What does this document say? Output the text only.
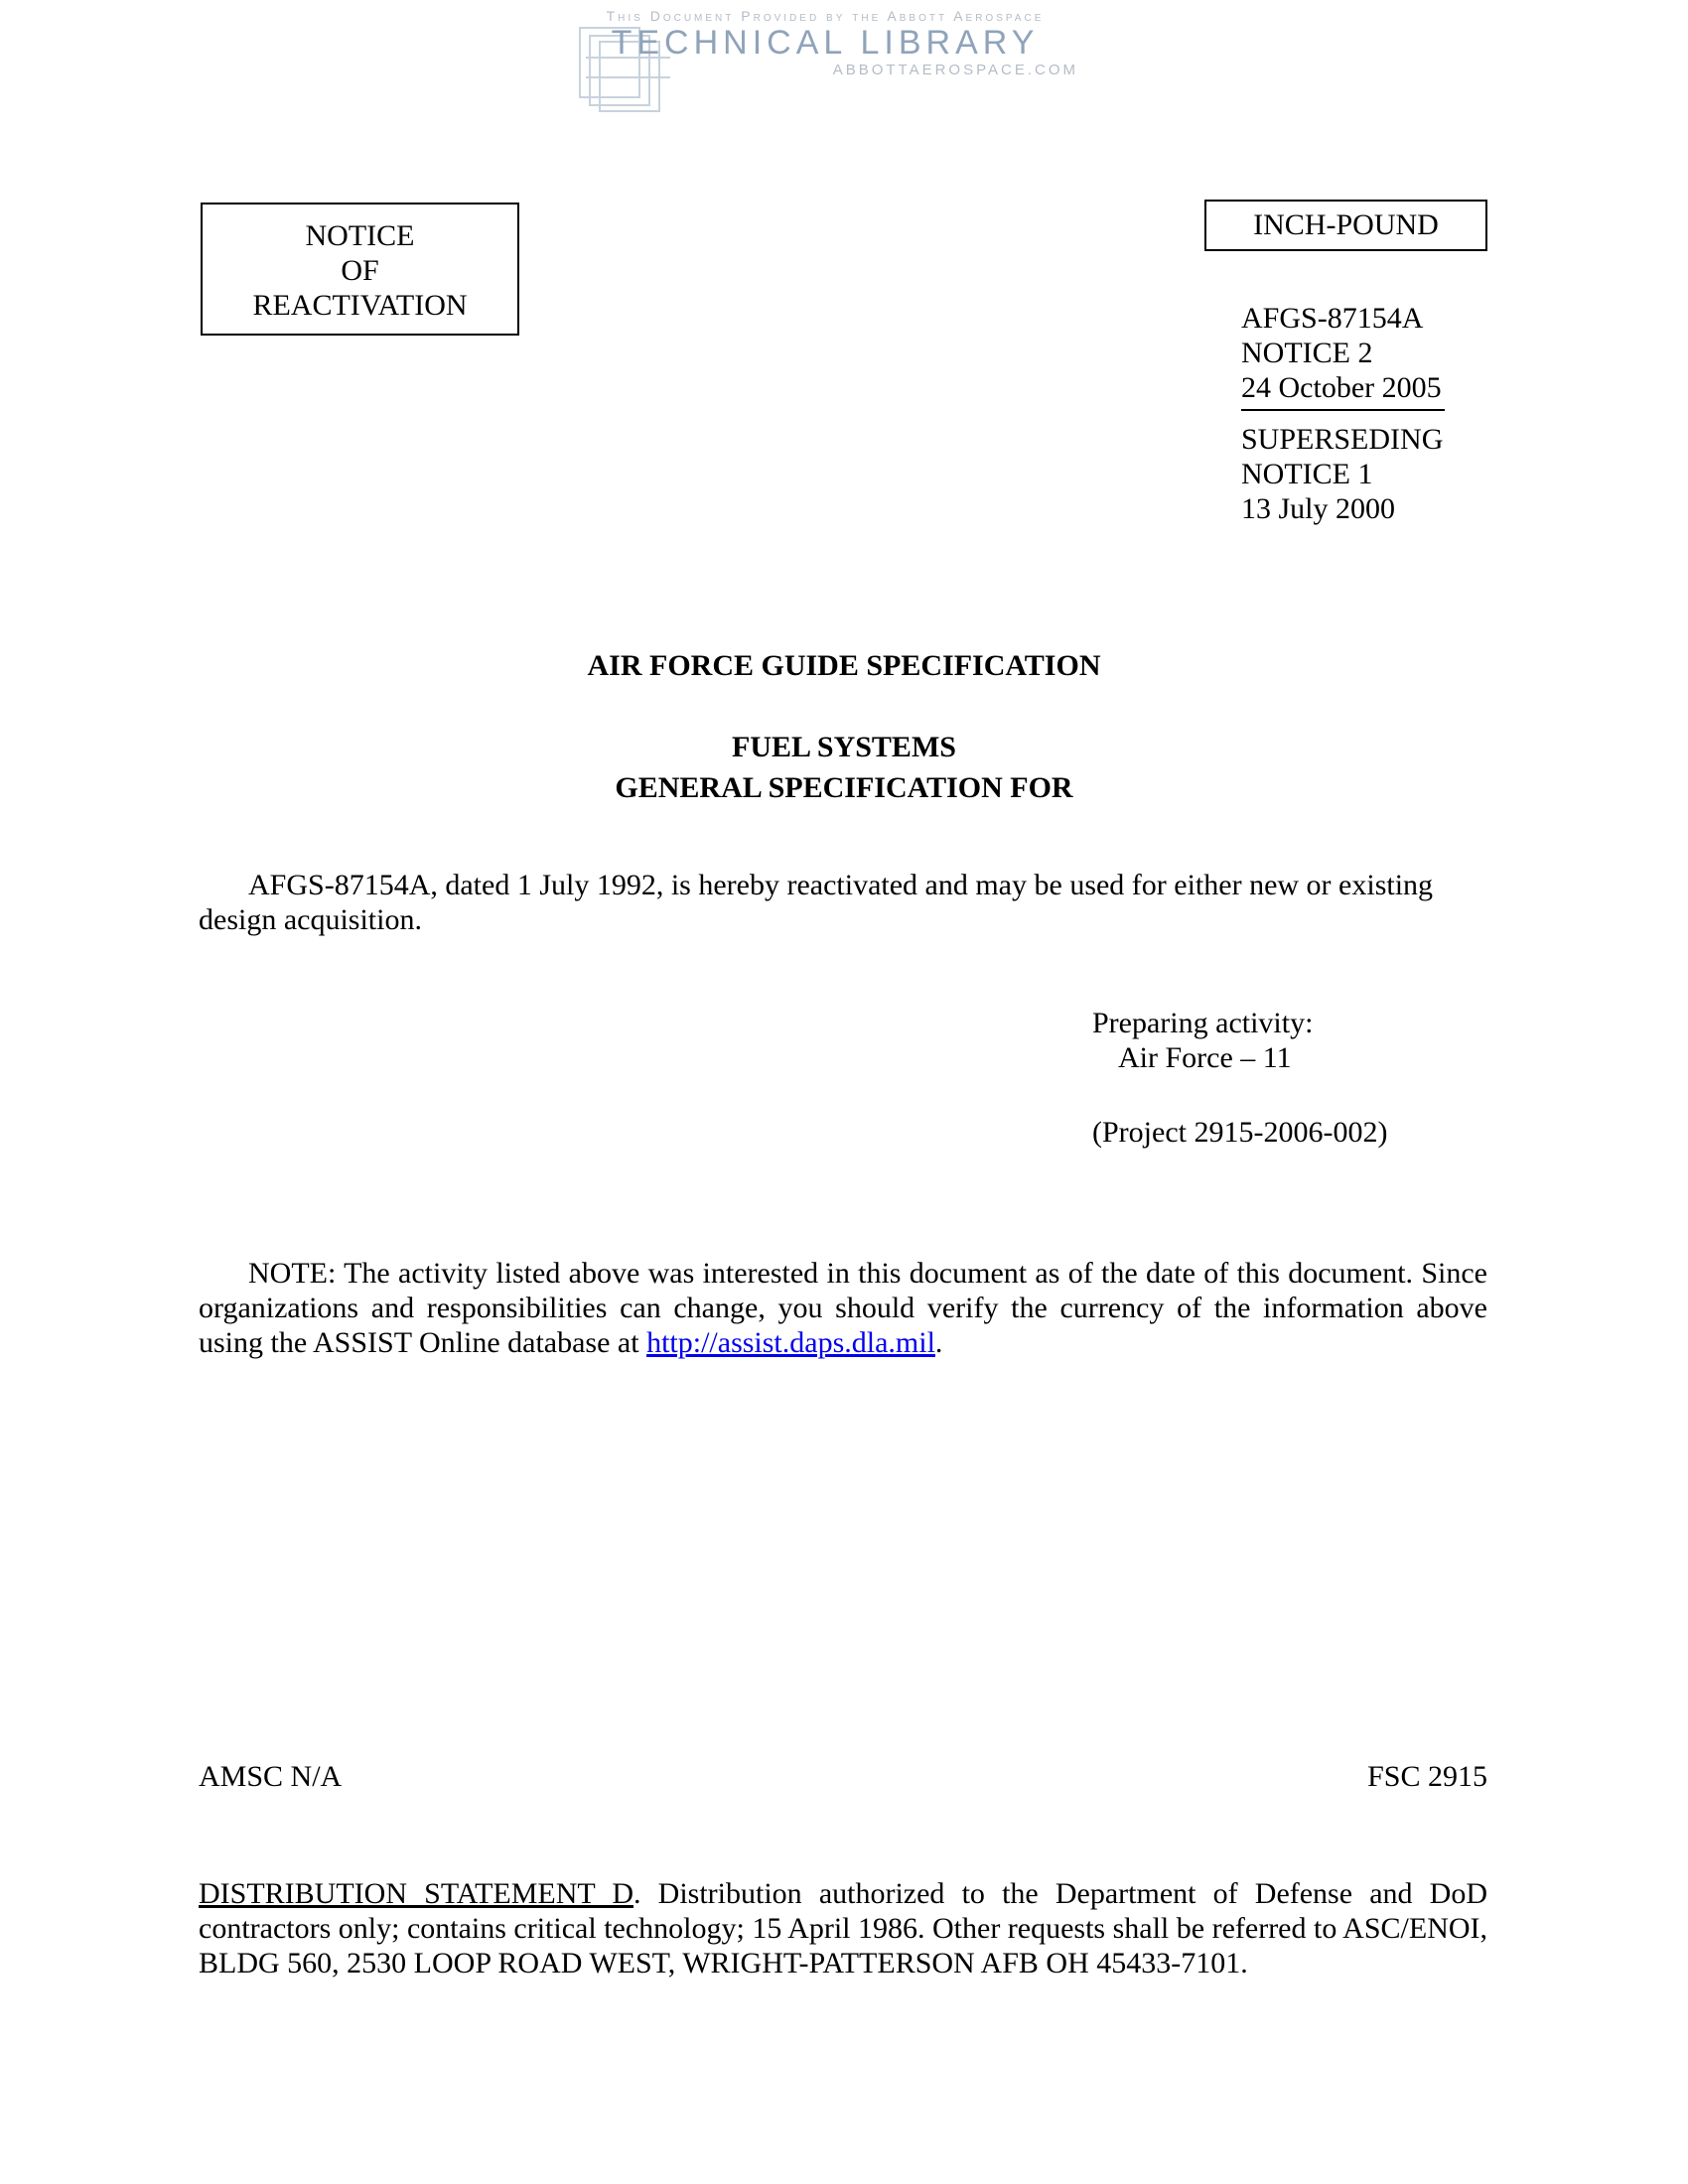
This Document Provided by the Abbott Aerospace
TECHNICAL LIBRARY
ABBOTTAEROSPACE.COM
NOTICE
OF
REACTIVATION
INCH-POUND
AFGS-87154A
NOTICE 2
24 October 2005
SUPERSEDING
NOTICE 1
13 July 2000
AIR FORCE GUIDE SPECIFICATION
FUEL SYSTEMS
GENERAL SPECIFICATION FOR
AFGS-87154A, dated 1 July 1992, is hereby reactivated and may be used for either new or existing design acquisition.
Preparing activity:
Air Force – 11
(Project 2915-2006-002)
NOTE: The activity listed above was interested in this document as of the date of this document. Since organizations and responsibilities can change, you should verify the currency of the information above using the ASSIST Online database at http://assist.daps.dla.mil.
AMSC N/A	FSC 2915
DISTRIBUTION STATEMENT D. Distribution authorized to the Department of Defense and DoD contractors only; contains critical technology; 15 April 1986. Other requests shall be referred to ASC/ENOI, BLDG 560, 2530 LOOP ROAD WEST, WRIGHT-PATTERSON AFB OH 45433-7101.
